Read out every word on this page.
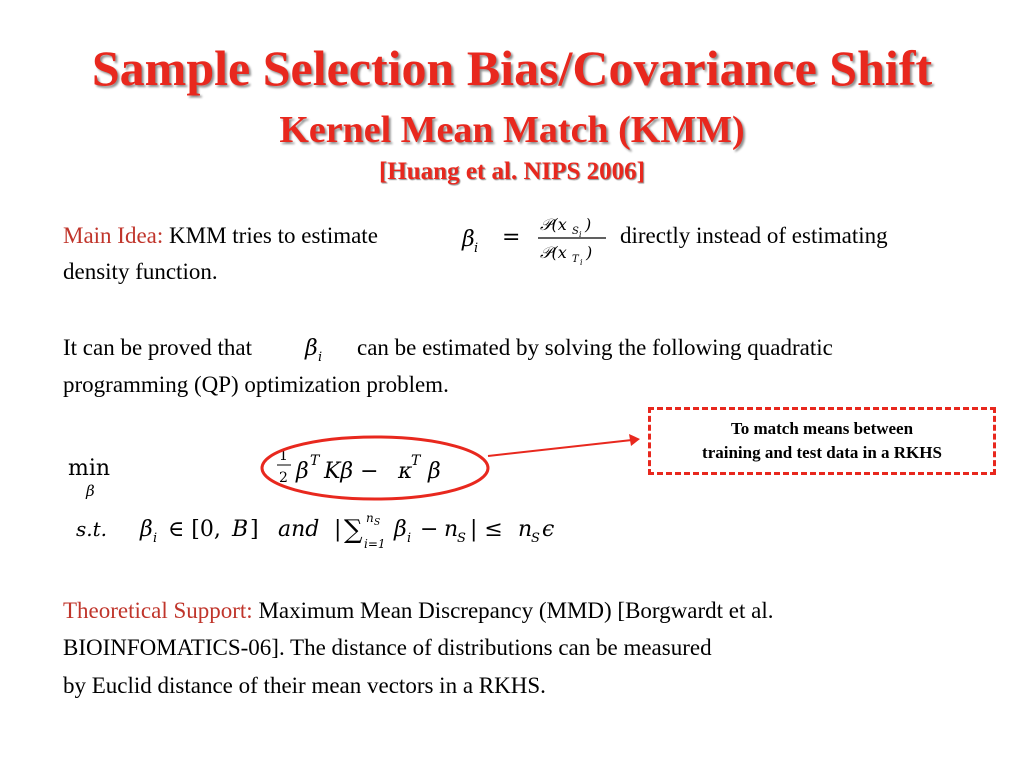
Sample Selection Bias/Covariance Shift
Kernel Mean Match (KMM)
[Huang et al. NIPS 2006]
Main Idea: KMM tries to estimate	directly instead of estimating
density function.
It can be proved that	can be estimated by solving the following quadratic
programming (QP) optimization problem.
β i =
𝒫(x S i
)
𝒫(x T i
)
β i
min
β
1
2 β T Kβ − κ
T β
s.t. β i ∈ [0, B ] and | ∑ n S
i=1
β i − n
S | ≤ n
S ϵ
To match means between
training and test data in a RKHS
Theoretical Support: Maximum Mean Discrepancy (MMD) [Borgwardt et al.
BIOINFOMATICS-06]. The distance of distributions can be measured
by Euclid distance of their mean vectors in a RKHS.
